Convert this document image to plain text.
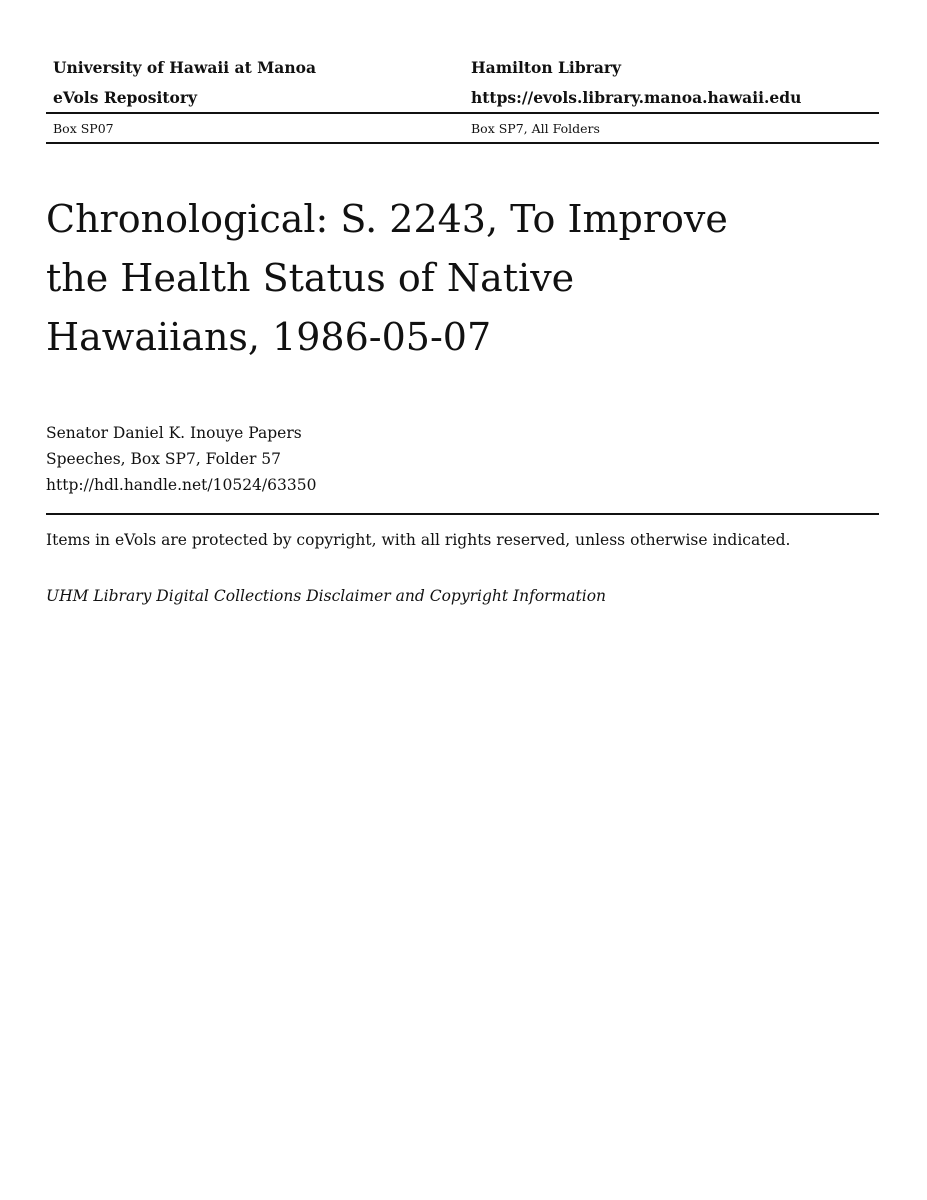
University of Hawaii at Manoa	Hamilton Library
eVols Repository	https://evols.library.manoa.hawaii.edu
Box SP07	Box SP7, All Folders
Chronological: S. 2243, To Improve
the Health Status of Native
Hawaiians, 1986-05-07
Senator Daniel K. Inouye Papers
Speeches, Box SP7, Folder 57
http://hdl.handle.net/10524/63350
Items in eVols are protected by copyright, with all rights reserved, unless otherwise indicated.
UHM Library Digital Collections Disclaimer and Copyright Information
